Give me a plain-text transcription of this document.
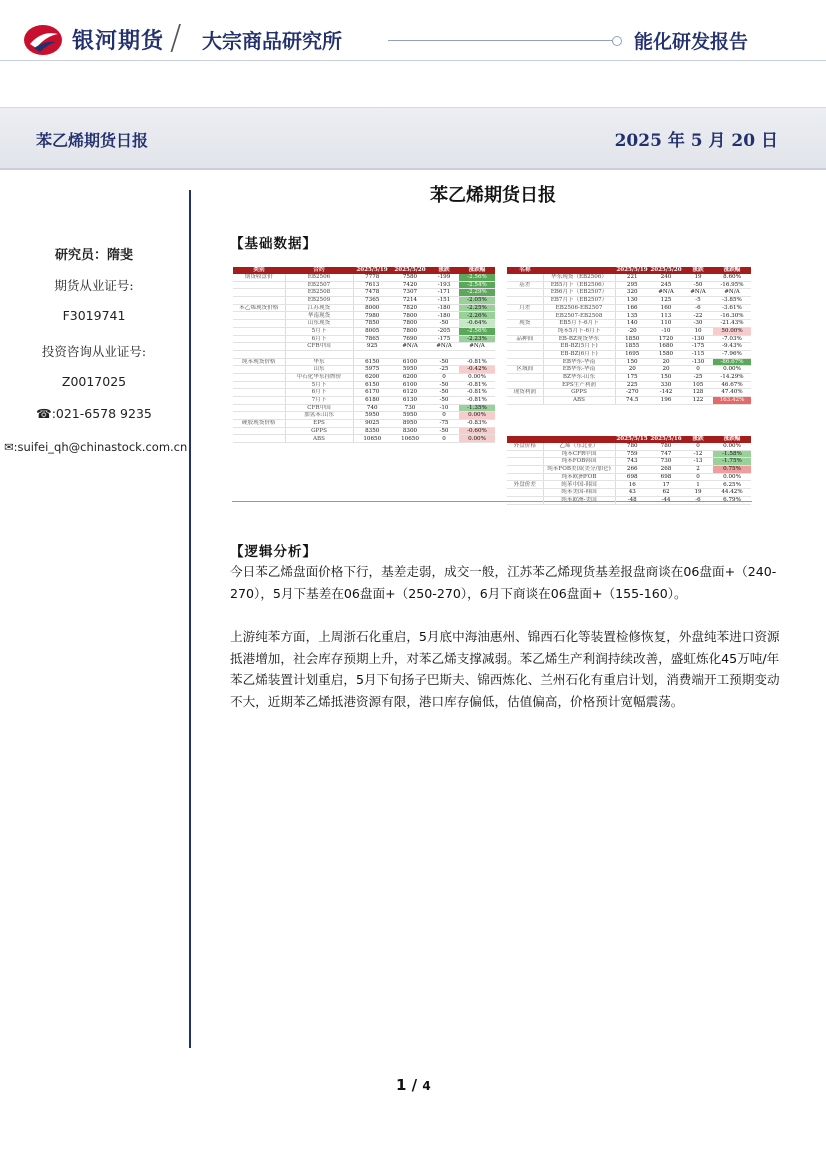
银河期货 / 大宗商品研究所	能化研发报告
苯乙烯期货日报	2025 年 5 月 20 日
苯乙烯期货日报
研究员：隋斐
期货从业证号:
F3019741
投资咨询从业证号:
Z0017025
☎:021-6578 9235
✉:suifei_qh@chinastock.com.cn
【基础数据】
类别	合约	2025/5/19	2025/5/20	涨跌	涨跌幅
期货收盘价	EB2506	7778	7580	-199	-2.56%
	EB2507	7613	7420	-193	-2.54%
	EB2508	7478	7307	-171	-2.29%
	EB2509	7365	7214	-151	-2.05%
苯乙烯现货价格	江苏现货	8000	7820	-180	-2.25%
	华南现货	7980	7800	-180	-2.26%
	山东现货	7850	7800	-50	-0.64%
	5月下	8005	7800	-205	-2.56%
	6月下	7865	7690	-175	-2.23%
	CFR中国	925	#N/A	#N/A	#N/A

纯苯现货价格	华东	6150	6100	-50	-0.81%
	山东	5975	5950	-25	-0.42%
	中石化华东挂牌价	6200	6200	0	0.00%
	5月下	6150	6100	-50	-0.81%
	6月下	6170	6120	-50	-0.81%
	7月下	6180	6130	-50	-0.81%
	CFR中国	740	730	-10	-1.35%
	加氢苯:山东	5950	5950	0	0.00%
硬胶现货价格	EPS	9025	8950	-75	-0.83%
	GPPS	8350	8300	-50	-0.60%
	ABS	10650	10650	0	0.00%
名称		2025/5/19	2025/5/20	涨跌	涨跌幅
	华东现货（EB2506）	221	240	19	8.60%
基差	EB5月下（EB2506）	295	245	-50	-16.95%
	EB6月下（EB2507）	320	#N/A	#N/A	#N/A
	EB7月下（EB2507）	130	125	-5	-3.85%
月差	EB2506-EB2507	166	160	-6	-3.61%
	EB2507-EB2508	135	113	-22	-16.30%
现货	EB5月下-6月下	140	110	-30	-21.43%
	纯苯5月下-6月下	-20	-10	10	50.00%
品种间	EB-BZ现货华东	1850	1720	-130	-7.03%
	EB-BZ(5月下)	1855	1680	-175	-9.43%
	EB-BZ(6月下)	1695	1580	-115	-7.96%
	EB华东-华南	150	20	-130	-86.67%
区域间	EB华东-华南	20	20	0	0.00%
	BZ华东-山东	175	150	-25	-14.29%
	EPS生产利润	225	330	105	46.67%
现货利润	GPPS	-270	-142	128	47.40%
	ABS	74.5	196	122	163.42%
		2025/5/15	2025/5/16	涨跌	涨跌幅
外盘价格	乙烯（东北亚）	780	780	0	0.00%
	纯苯CFR中国	759	747	-12	-1.58%
	纯苯FOB韩国	743	730	-13	-1.75%
	纯苯FOB美国(美分/加仑)	266	268	2	0.75%
	纯苯欧洲FOB	698	698	0	0.00%
外盘价差	纯苯中国-韩国	16	17	1	6.25%
	纯苯美国-韩国	43	62	19	44.42%
	纯苯欧洲-美国	-48	-44	-6	6.79%
【逻辑分析】
今日苯乙烯盘面价格下行，基差走弱，成交一般，江苏苯乙烯现货基差报盘商谈在06盘面+（240-270），5月下基差在06盘面+（250-270），6月下商谈在06盘面+（155-160）。
上游纯苯方面，上周浙石化重启，5月底中海油惠州、锦西石化等装置检修恢复，外盘纯苯进口资源抵港增加，社会库存预期上升，对苯乙烯支撑减弱。苯乙烯生产利润持续改善，盛虹炼化45万吨/年苯乙烯装置计划重启，5月下旬扬子巴斯夫、锦西炼化、兰州石化有重启计划，消费端开工预期变动不大，近期苯乙烯抵港资源有限，港口库存偏低，估值偏高，价格预计宽幅震荡。
1 / 4
